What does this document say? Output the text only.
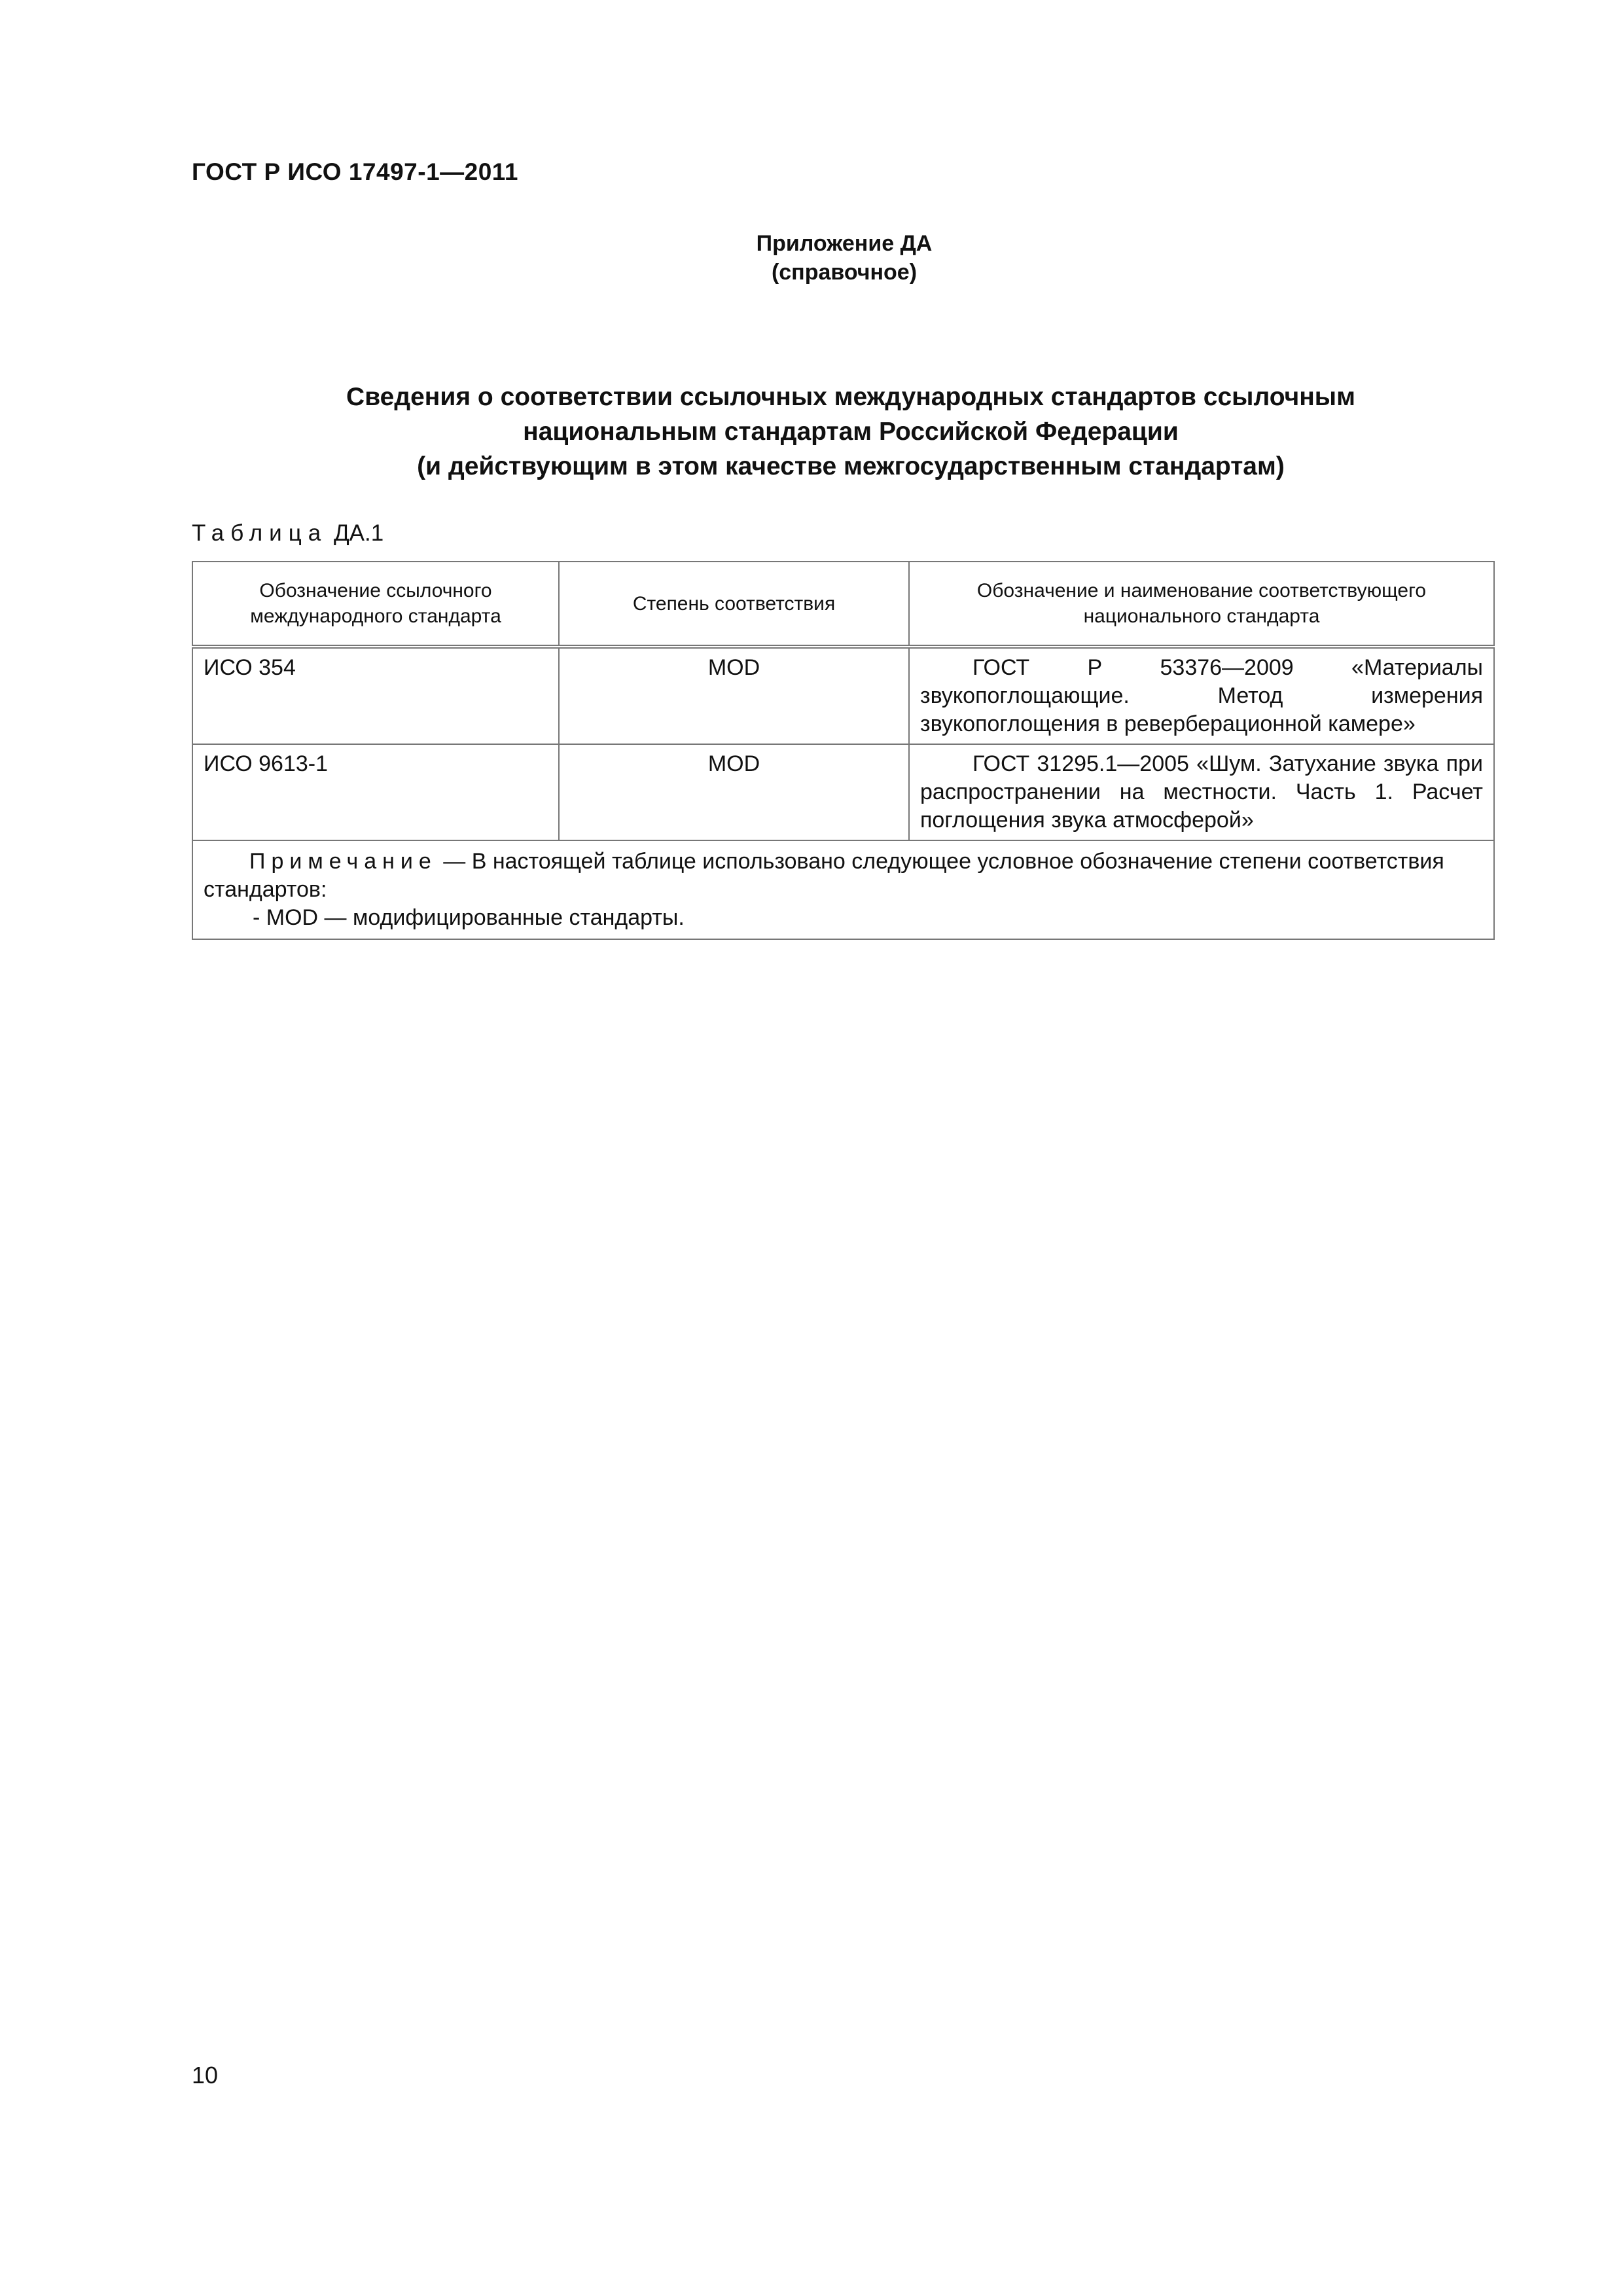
ГОСТ Р ИСО 17497-1—2011
Приложение ДА
(справочное)
Сведения о соответствии ссылочных международных стандартов ссылочным
национальным стандартам Российской Федерации
(и действующим в этом качестве межгосударственным стандартам)
Таблица ДА.1
Обозначение ссылочного международного стандарта	Степень соответствия	Обозначение и наименование соответствующего национального стандарта
ИСО 354	MOD	ГОСТ Р 53376—2009 «Материалы звукопоглощающие. Метод измерения звукопоглощения в реверберационной камере»
ИСО 9613-1	MOD	ГОСТ 31295.1—2005 «Шум. Затухание звука при распространении на местности. Часть 1. Расчет поглощения звука атмосферой»
Примечание — В настоящей таблице использовано следующее условное обозначение степени соответствия стандартов:
- MOD — модифицированные стандарты.		
10
